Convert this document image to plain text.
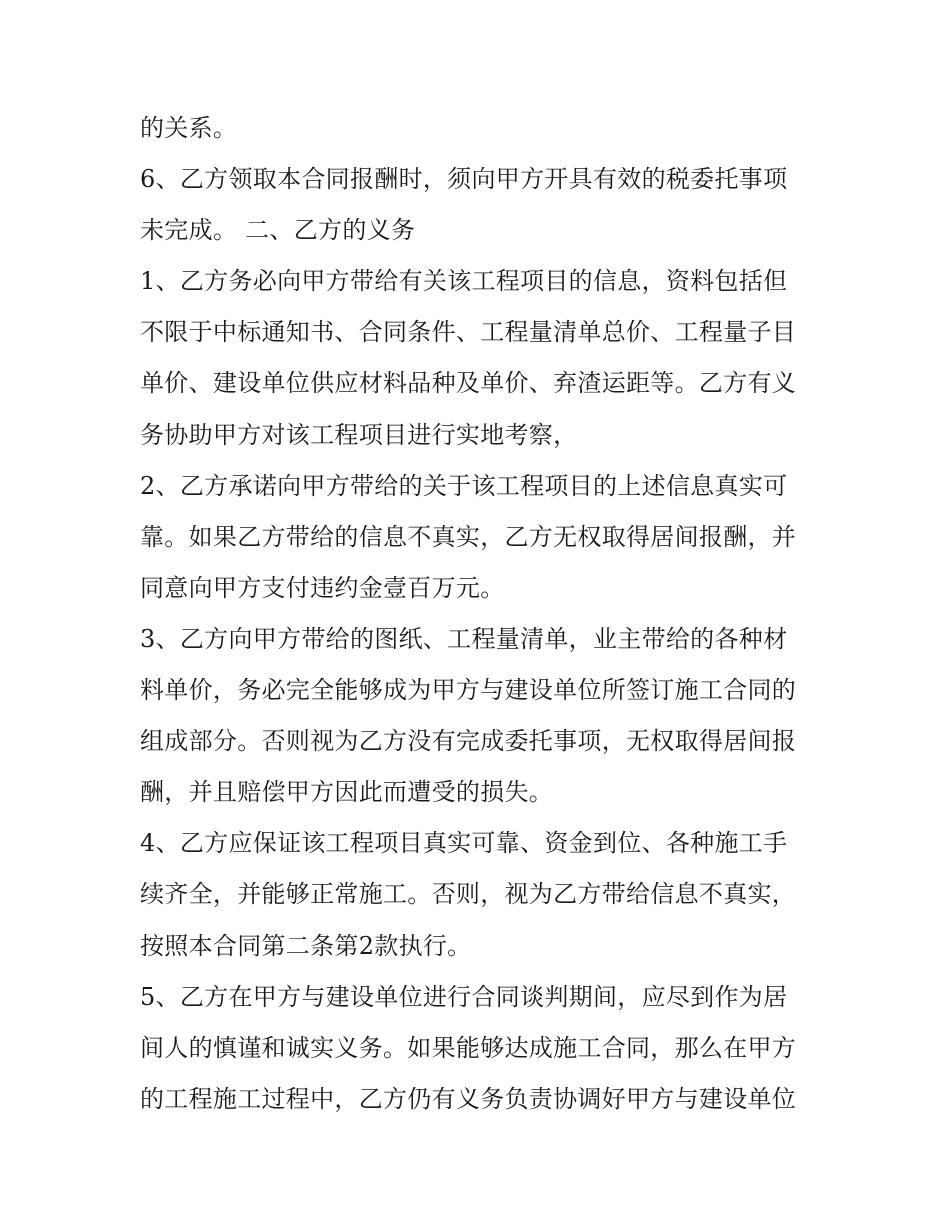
的关系。
6、乙方领取本合同报酬时，须向甲方开具有效的税委托事项
未完成。 二、乙方的义务
1、乙方务必向甲方带给有关该工程项目的信息，资料包括但
不限于中标通知书、合同条件、工程量清单总价、工程量子目
单价、建设单位供应材料品种及单价、弃渣运距等。乙方有义
务协助甲方对该工程项目进行实地考察，
2、乙方承诺向甲方带给的关于该工程项目的上述信息真实可
靠。如果乙方带给的信息不真实，乙方无权取得居间报酬，并
同意向甲方支付违约金壹百万元。
3、乙方向甲方带给的图纸、工程量清单，业主带给的各种材
料单价，务必完全能够成为甲方与建设单位所签订施工合同的
组成部分。否则视为乙方没有完成委托事项，无权取得居间报
酬，并且赔偿甲方因此而遭受的损失。
4、乙方应保证该工程项目真实可靠、资金到位、各种施工手
续齐全，并能够正常施工。否则，视为乙方带给信息不真实，
按照本合同第二条第2款执行。
5、乙方在甲方与建设单位进行合同谈判期间，应尽到作为居
间人的慎谨和诚实义务。如果能够达成施工合同，那么在甲方
的工程施工过程中，乙方仍有义务负责协调好甲方与建设单位
